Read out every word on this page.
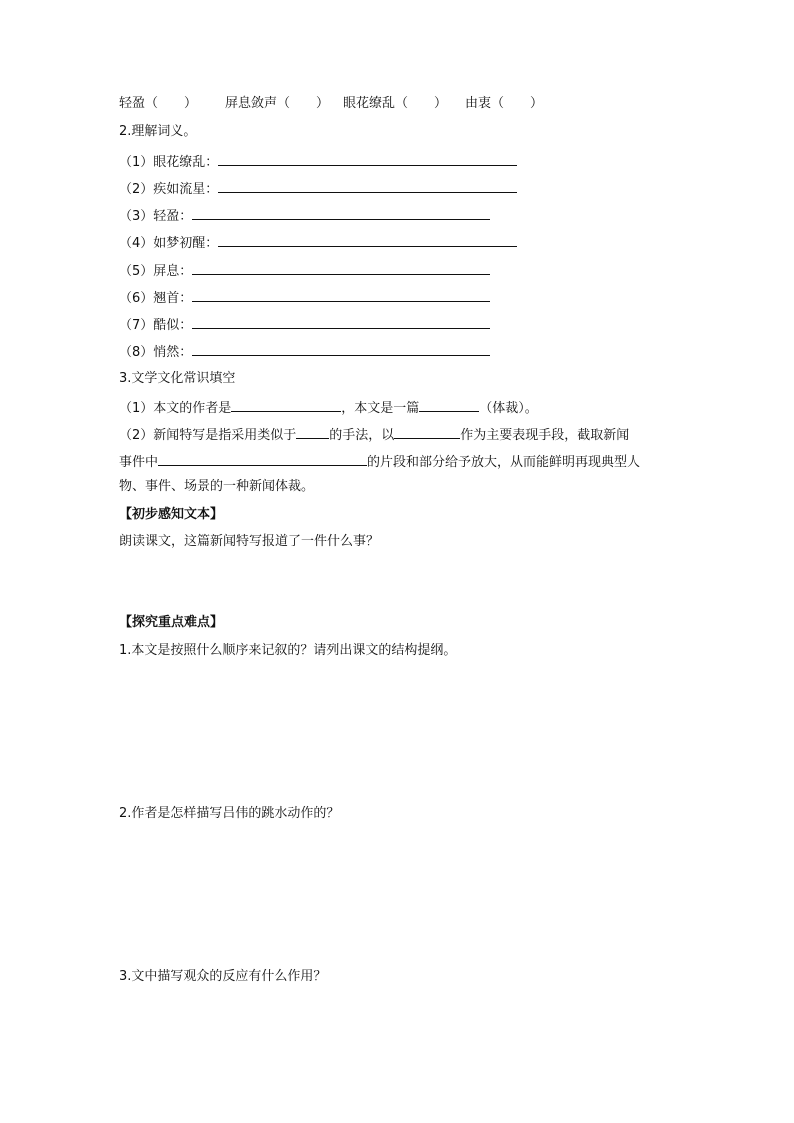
轻盈（　　） 屏息敛声（　　） 眼花缭乱（　　） 由衷（　　）
2.理解词义。
（1）眼花缭乱：
（2）疾如流星：
（3）轻盈：
（4）如梦初醒：
（5）屏息：
（6）翘首：
（7）酷似：
（8）悄然：
3.文学文化常识填空
（1）本文的作者是	，本文是一篇	（体裁）。
（2）新闻特写是指采用类似于	的手法，以	作为主要表现手段，截取新闻
事件中	的片段和部分给予放大，从而能鲜明再现典型人
物、事件、场景的一种新闻体裁。
【初步感知文本】
朗读课文，这篇新闻特写报道了一件什么事？
【探究重点难点】
1.本文是按照什么顺序来记叙的？请列出课文的结构提纲。
2.作者是怎样描写吕伟的跳水动作的？
3.文中描写观众的反应有什么作用？
